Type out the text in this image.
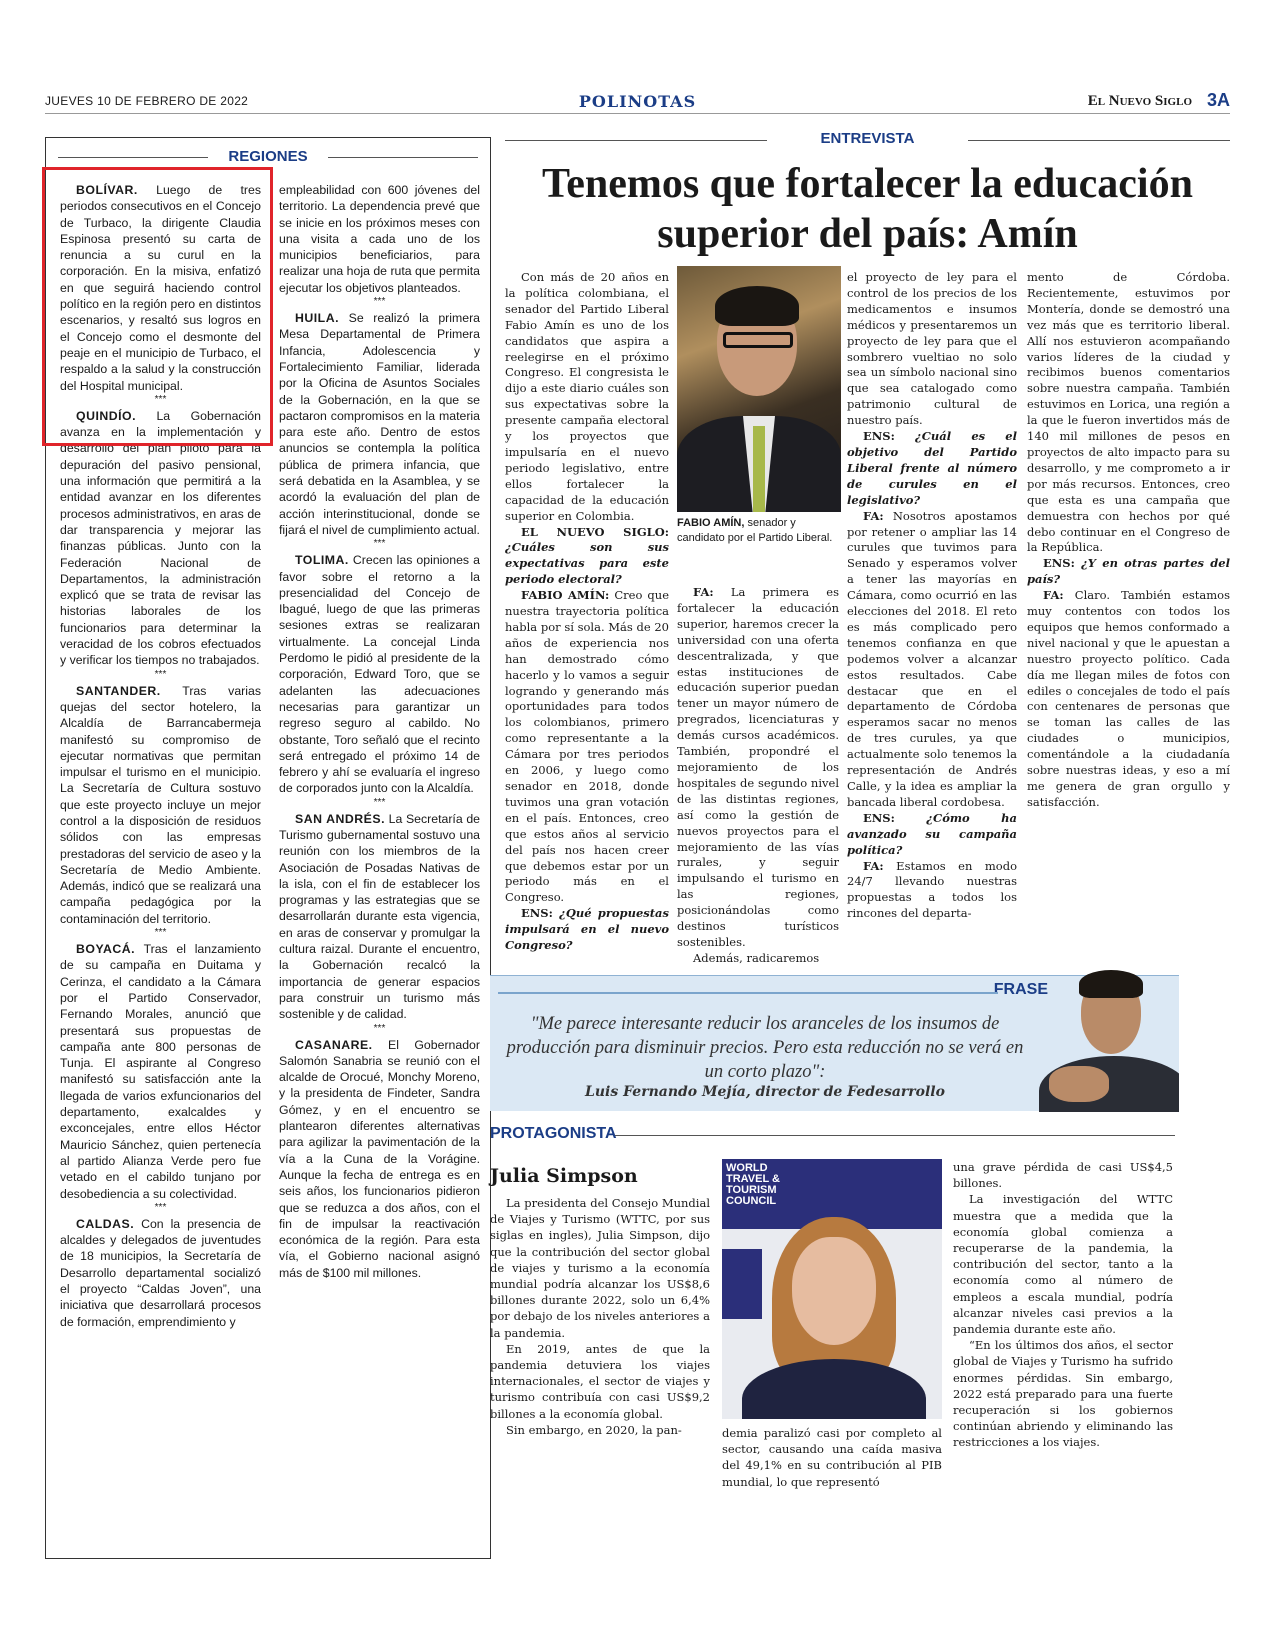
JUEVES 10 DE FEBRERO DE 2022	POLINOTAS	El Nuevo Siglo 3A
REGIONES

BOLÍVAR. Luego de tres periodos consecutivos en el Concejo de Turbaco, la dirigente Claudia Espinosa presentó su carta de renuncia a su curul en la corporación. En la misiva, enfatizó en que seguirá haciendo control político en la región pero en distintos escenarios, y resaltó sus logros en el Concejo como el desmonte del peaje en el municipio de Turbaco, el respaldo a la salud y la construcción del Hospital municipal.

***

QUINDÍO. La Gobernación avanza en la implementación y desarrollo del plan piloto para la depuración del pasivo pensional, una información que permitirá a la entidad avanzar en los diferentes procesos administrativos, en aras de dar transparencia y mejorar las finanzas públicas. Junto con la Federación Nacional de Departamentos, la administración explicó que se trata de revisar las historias laborales de los funcionarios para determinar la veracidad de los cobros efectuados y verificar los tiempos no trabajados.

***

SANTANDER. Tras varias quejas del sector hotelero, la Alcaldía de Barrancabermeja manifestó su compromiso de ejecutar normativas que permitan impulsar el turismo en el municipio. La Secretaría de Cultura sostuvo que este proyecto incluye un mejor control a la disposición de residuos sólidos con las empresas prestadoras del servicio de aseo y la Secretaría de Medio Ambiente. Además, indicó que se realizará una campaña pedagógica por la contaminación del territorio.

***

BOYACÁ. Tras el lanzamiento de su campaña en Duitama y Cerinza, el candidato a la Cámara por el Partido Conservador, Fernando Morales, anunció que presentará sus propuestas de campaña ante 800 personas de Tunja. El aspirante al Congreso manifestó su satisfacción ante la llegada de varios exfuncionarios del departamento, exalcaldes y exconcejales, entre ellos Héctor Mauricio Sánchez, quien pertenecía al partido Alianza Verde pero fue vetado en el cabildo tunjano por desobediencia a su colectividad.

***

CALDAS. Con la presencia de alcaldes y delegados de juventudes de 18 municipios, la Secretaría de Desarrollo departamental socializó el proyecto “Caldas Joven”, una iniciativa que desarrollará procesos de formación, emprendimiento y

empleabilidad con 600 jóvenes del territorio. La dependencia prevé que se inicie en los próximos meses con una visita a cada uno de los municipios beneficiarios, para realizar una hoja de ruta que permita ejecutar los objetivos planteados.

***

HUILA. Se realizó la primera Mesa Departamental de Primera Infancia, Adolescencia y Fortalecimiento Familiar, liderada por la Oficina de Asuntos Sociales de la Gobernación, en la que se pactaron compromisos en la materia para este año. Dentro de estos anuncios se contempla la política pública de primera infancia, que será debatida en la Asamblea, y se acordó la evaluación del plan de acción interinstitucional, donde se fijará el nivel de cumplimiento actual.

***

TOLIMA. Crecen las opiniones a favor sobre el retorno a la presencialidad del Concejo de Ibagué, luego de que las primeras sesiones extras se realizaran virtualmente. La concejal Linda Perdomo le pidió al presidente de la corporación, Edward Toro, que se adelanten las adecuaciones necesarias para garantizar un regreso seguro al cabildo. No obstante, Toro señaló que el recinto será entregado el próximo 14 de febrero y ahí se evaluaría el ingreso de corporados junto con la Alcaldía.

***

SAN ANDRÉS. La Secretaría de Turismo gubernamental sostuvo una reunión con los miembros de la Asociación de Posadas Nativas de la isla, con el fin de establecer los programas y las estrategias que se desarrollarán durante esta vigencia, en aras de conservar y promulgar la cultura raizal. Durante el encuentro, la Gobernación recalcó la importancia de generar espacios para construir un turismo más sostenible y de calidad.

***

CASANARE. El Gobernador Salomón Sanabria se reunió con el alcalde de Orocué, Monchy Moreno, y la presidenta de Findeter, Sandra Gómez, y en el encuentro se plantearon diferentes alternativas para agilizar la pavimentación de la vía a la Cuna de la Vorágine. Aunque la fecha de entrega es en seis años, los funcionarios pidieron que se reduzca a dos años, con el fin de impulsar la reactivación económica de la región. Para esta vía, el Gobierno nacional asignó más de $100 mil millones.

ENTREVISTA
Tenemos que fortalecer la educación superior del país: Amín

Con más de 20 años en la política colombiana, el senador del Partido Liberal Fabio Amín es uno de los candidatos que aspira a reelegirse en el próximo Congreso. El congresista le dijo a este diario cuáles son sus expectativas sobre la presente campaña electoral y los proyectos que impulsaría en el nuevo periodo legislativo, entre ellos fortalecer la capacidad de la educación superior en Colombia.

EL NUEVO SIGLO: ¿Cuáles son sus expectativas para este periodo electoral?

FABIO AMÍN: Creo que nuestra trayectoria política habla por sí sola. Más de 20 años de experiencia nos han demostrado cómo hacerlo y lo vamos a seguir logrando y generando más oportunidades para todos los colombianos, primero como representante a la Cámara por tres periodos en 2006, y luego como senador en 2018, donde tuvimos una gran votación en el país. Entonces, creo que estos años al servicio del país nos hacen creer que debemos estar por un periodo más en el Congreso.

ENS: ¿Qué propuestas impulsará en el nuevo Congreso?

FABIO AMÍN, senador y candidato por el Partido Liberal.

FA: La primera es fortalecer la educación superior, haremos crecer la universidad con una oferta descentralizada, y que estas instituciones de educación superior puedan tener un mayor número de pregrados, licenciaturas y demás cursos académicos. También, propondré el mejoramiento de los hospitales de segundo nivel de las distintas regiones, así como la gestión de nuevos proyectos para el mejoramiento de las vías rurales, y seguir impulsando el turismo en las regiones, posicionándolas como destinos turísticos sostenibles.

Además, radicaremos

el proyecto de ley para el control de los precios de los medicamentos e insumos médicos y presentaremos un proyecto de ley para que el sombrero vueltiao no solo sea un símbolo nacional sino que sea catalogado como patrimonio cultural de nuestro país.

ENS: ¿Cuál es el objetivo del Partido Liberal frente al número de curules en el legislativo?

FA: Nosotros apostamos por retener o ampliar las 14 curules que tuvimos para Senado y esperamos volver a tener las mayorías en Cámara, como ocurrió en las elecciones del 2018. El reto es más complicado pero tenemos confianza en que podemos volver a alcanzar estos resultados. Cabe destacar que en el departamento de Córdoba esperamos sacar no menos de tres curules, ya que actualmente solo tenemos la representación de Andrés Calle, y la idea es ampliar la bancada liberal cordobesa.

ENS: ¿Cómo ha avanzado su campaña política?

FA: Estamos en modo 24/7 llevando nuestras propuestas a todos los rincones del departa-

mento de Córdoba. Recientemente, estuvimos por Montería, donde se demostró una vez más que es territorio liberal. Allí nos estuvieron acompañando varios líderes de la ciudad y recibimos buenos comentarios sobre nuestra campaña. También estuvimos en Lorica, una región a la que le fueron invertidos más de 140 mil millones de pesos en proyectos de alto impacto para su desarrollo, y me comprometo a ir por más recursos. Entonces, creo que esta es una campaña que demuestra con hechos por qué debo continuar en el Congreso de la República.

ENS: ¿Y en otras partes del país?

FA: Claro. También estamos muy contentos con todos los equipos que hemos conformado a nivel nacional y que le apuestan a nuestro proyecto político. Cada día me llegan miles de fotos con ediles o concejales de todo el país con centenares de personas que se toman las calles de las ciudades o municipios, comentándole a la ciudadanía sobre nuestras ideas, y eso a mí me genera de gran orgullo y satisfacción.

FRASE
"Me parece interesante reducir los aranceles de los insumos de producción para disminuir precios. Pero esta reducción no se verá en un corto plazo":
Luis Fernando Mejía, director de Fedesarrollo
PROTAGONISTA
Julia Simpson

La presidenta del Consejo Mundial de Viajes y Turismo (WTTC, por sus siglas en ingles), Julia Simpson, dijo que la contribución del sector global de viajes y turismo a la economía mundial podría alcanzar los US$8,6 billones durante 2022, solo un 6,4% por debajo de los niveles anteriores a la pandemia.

En 2019, antes de que la pandemia detuviera los viajes internacionales, el sector de viajes y turismo contribuía con casi US$9,2 billones a la economía global.

Sin embargo, en 2020, la pan-

WORLD TRAVEL & TOURISM COUNCIL

demia paralizó casi por completo al sector, causando una caída masiva del 49,1% en su contribución al PIB mundial, lo que representó

una grave pérdida de casi US$4,5 billones.

La investigación del WTTC muestra que a medida que la economía global comienza a recuperarse de la pandemia, la contribución del sector, tanto a la economía como al número de empleos a escala mundial, podría alcanzar niveles casi previos a la pandemia durante este año.

“En los últimos dos años, el sector global de Viajes y Turismo ha sufrido enormes pérdidas. Sin embargo, 2022 está preparado para una fuerte recuperación si los gobiernos continúan abriendo y eliminando las restricciones a los viajes.
